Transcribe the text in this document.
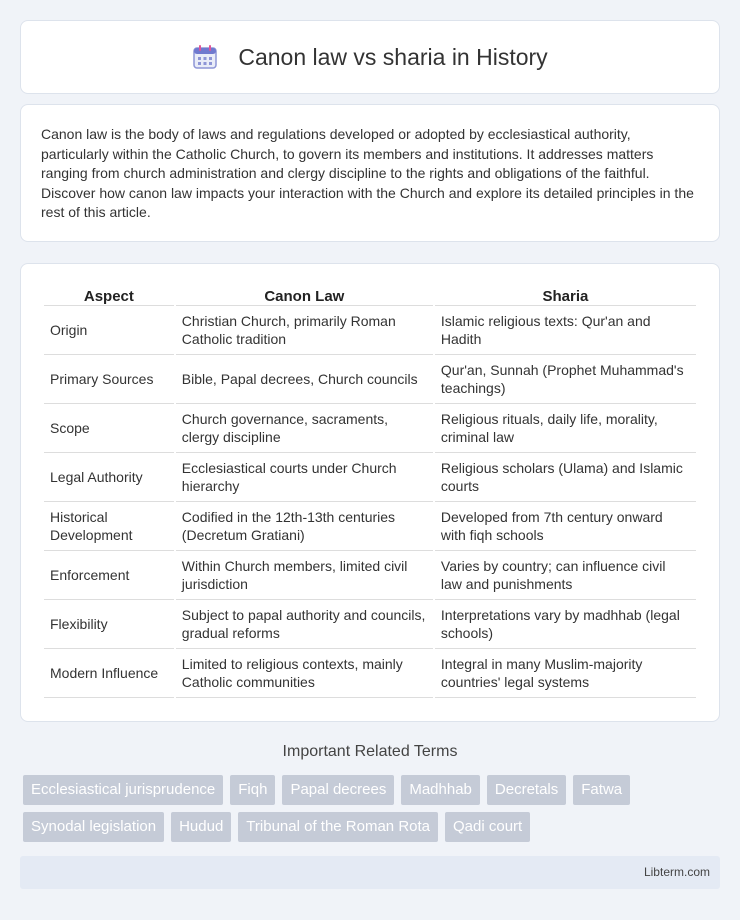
Canon law vs sharia in History

Canon law is the body of laws and regulations developed or adopted by ecclesiastical authority, particularly within the Catholic Church, to govern its members and institutions. It addresses matters ranging from church administration and clergy discipline to the rights and obligations of the faithful. Discover how canon law impacts your interaction with the Church and explore its detailed principles in the rest of this article.

Aspect	Canon Law	Sharia
Origin	Christian Church, primarily Roman Catholic tradition	Islamic religious texts: Qur'an and Hadith
Primary Sources	Bible, Papal decrees, Church councils	Qur'an, Sunnah (Prophet Muhammad's teachings)
Scope	Church governance, sacraments, clergy discipline	Religious rituals, daily life, morality, criminal law
Legal Authority	Ecclesiastical courts under Church hierarchy	Religious scholars (Ulama) and Islamic courts
Historical Development	Codified in the 12th-13th centuries (Decretum Gratiani)	Developed from 7th century onward with fiqh schools
Enforcement	Within Church members, limited civil jurisdiction	Varies by country; can influence civil law and punishments
Flexibility	Subject to papal authority and councils, gradual reforms	Interpretations vary by madhhab (legal schools)
Modern Influence	Limited to religious contexts, mainly Catholic communities	Integral in many Muslim-majority countries' legal systems
Important Related Terms
Ecclesiastical jurisprudence	Fiqh	Papal decrees	Madhhab	Decretals	Fatwa
Synodal legislation	Hudud	Tribunal of the Roman Rota	Qadi court
Libterm.com
